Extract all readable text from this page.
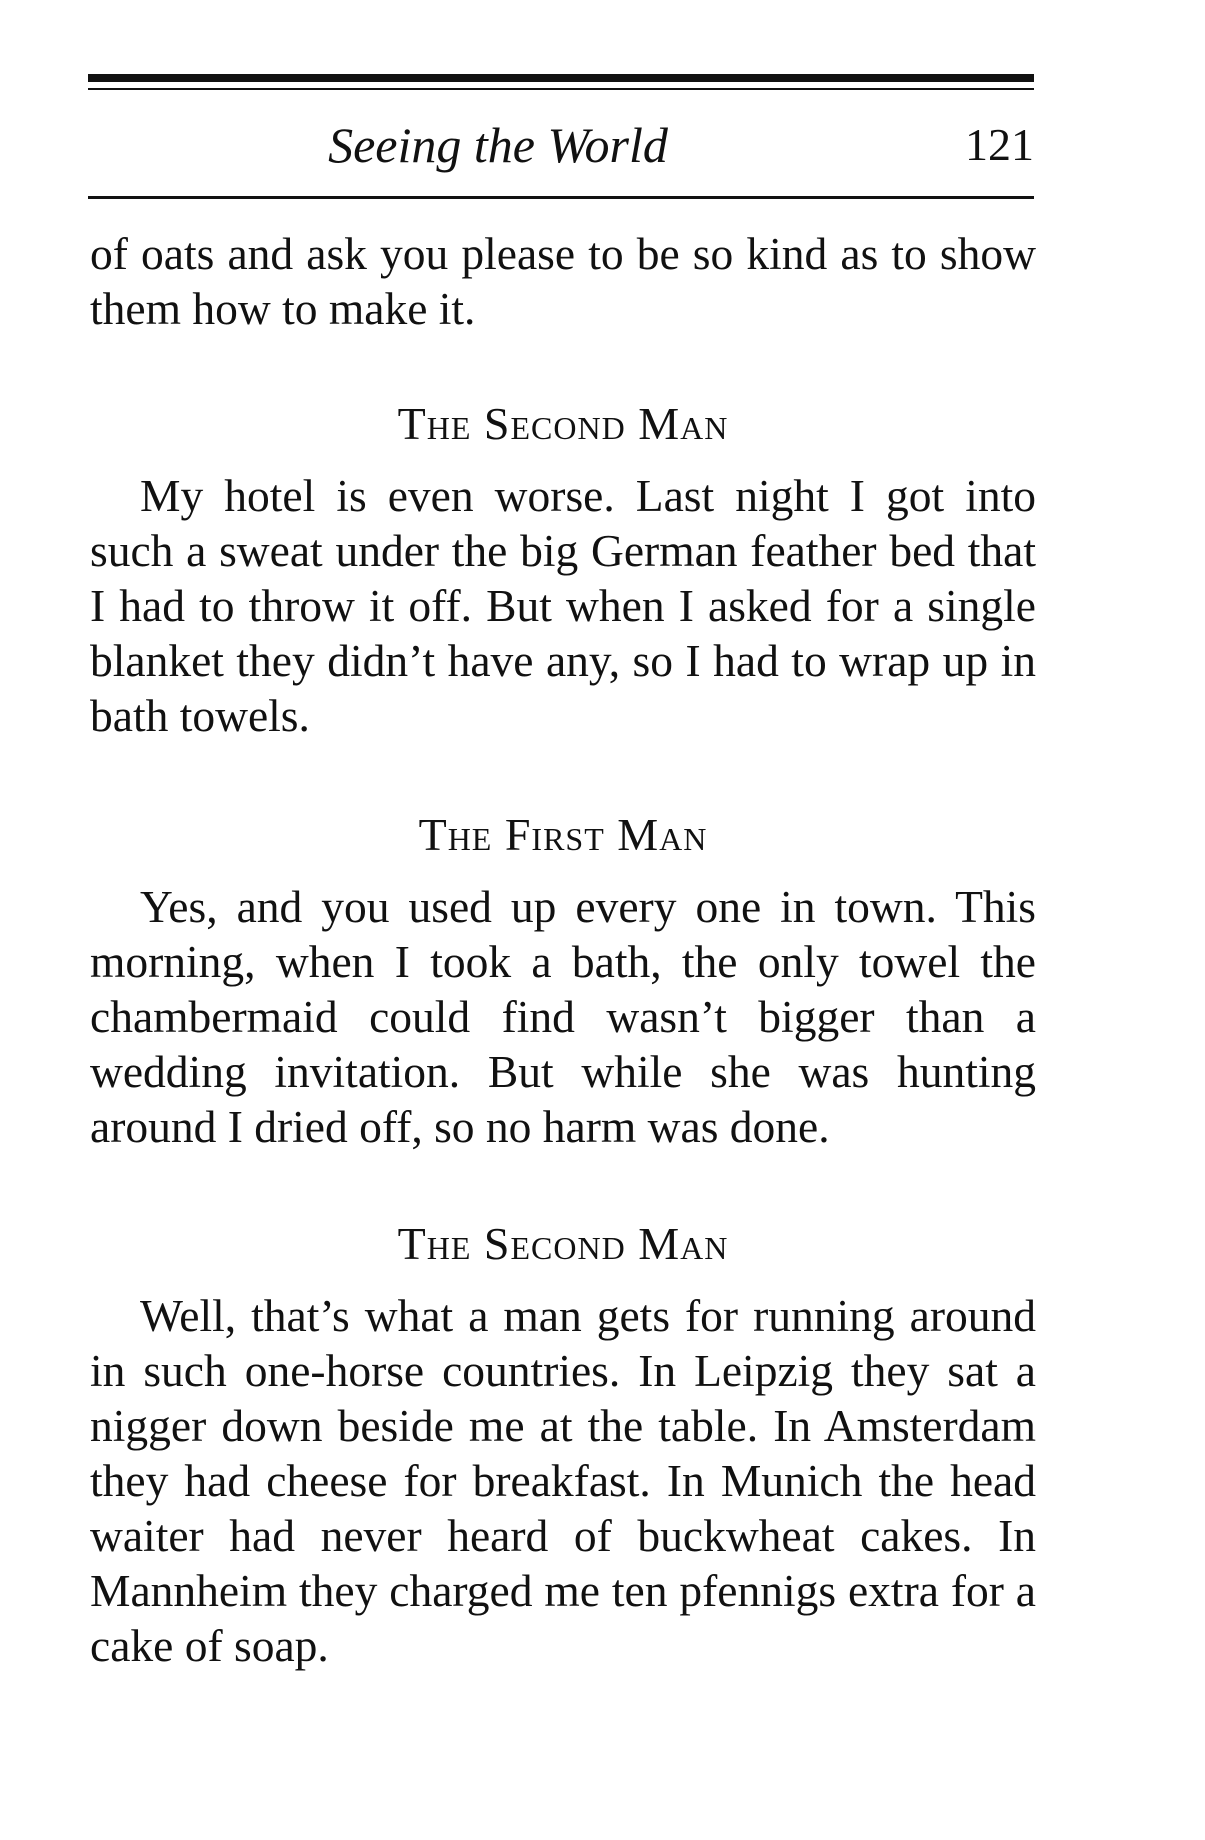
Seeing the World	121

of oats and ask you please to be so kind as to show them how to make it.

The Second Man

My hotel is even worse. Last night I got into such a sweat under the big German feather bed that I had to throw it off. But when I asked for a single blanket they didn’t have any, so I had to wrap up in bath towels.

The First Man

Yes, and you used up every one in town. This morning, when I took a bath, the only towel the chambermaid could find wasn’t bigger than a wedding invitation. But while she was hunting around I dried off, so no harm was done.

The Second Man

Well, that’s what a man gets for running around in such one-horse countries. In Leipzig they sat a nigger down beside me at the table. In Amsterdam they had cheese for breakfast. In Munich the head waiter had never heard of buckwheat cakes. In Mannheim they charged me ten pfennigs extra for a cake of soap.
